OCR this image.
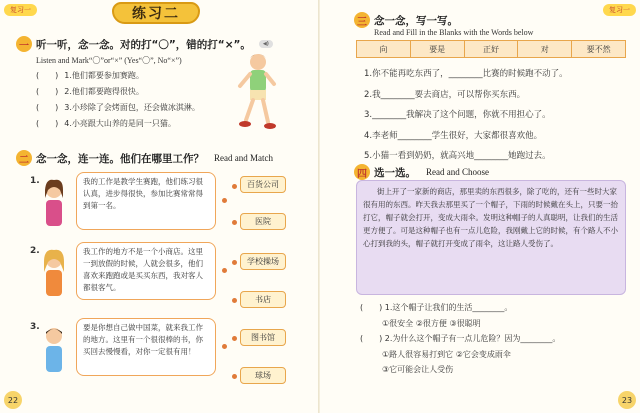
复习一	练习二
一 听一听，念一念。对的打“〇”，错的打“×”。	◀)
Listen and Mark“〇”or“×” (Yes“〇”, No“×”)
(　　) 1.他们都要参加赛跑。
(　　) 2.他们都要跑得很快。
(　　) 3.小珍除了会烤面包，还会做冰淇淋。
(　　) 4.小亮跟大山养的是同一只猫。
二 念一念，连一连。他们在哪里工作？ Read and Match
1.	我的工作是教学生赛跑，他们练习很认真，进步得很快，参加比赛常常得到第一名。
2.	我工作的地方不是一个小商店。这里一到放假的时候，人就会很多，他们喜欢来跑跑或是买买东西，我对客人都很客气。
3.	要是你想自己做中国菜，就来我工作的地方。这里有一个很很棒的书，你买回去慢慢看，对你一定很有用！
百货公司
医院
学校操场
书店
图书馆
球场
22
复习一
三 念一念，写一写。
Read and Fill in the Blanks with the Words below
向	要是	正好	对	要不然
1.你不能再吃东西了，________比赛的时候跑不动了。
2.我________要去商店，可以帮你买东西。
3.________我解决了这个问题，你就不用担心了。
4.李老师________学生很好，大家都很喜欢他。
5.小猫一看到奶奶，就高兴地________她跑过去。
四 选一选。 Read and Choose
街上开了一家新的商店，那里卖的东西很多，除了吃的，还有一些时大家很有用的东西。昨天我去那里买了一个帽子，下雨的时候戴在头上，只要一抬打它，帽子就会打开，变成大雨伞。发明这种帽子的人真聪明，让我们的生活更方便了。可是这种帽子也有一点儿危险，我刚戴上它的时候，有个路人不小心打到我的头，帽子就打开变成了雨伞，这让路人受伤了。
(　　) 1.这个帽子让我们的生活________。
①很安全 ②很方便 ③很聪明
(　　) 2.为什么这个帽子有一点儿危险？因为________。
①路人很容易打到它 ②它会变成雨伞
③它可能会让人受伤
23
